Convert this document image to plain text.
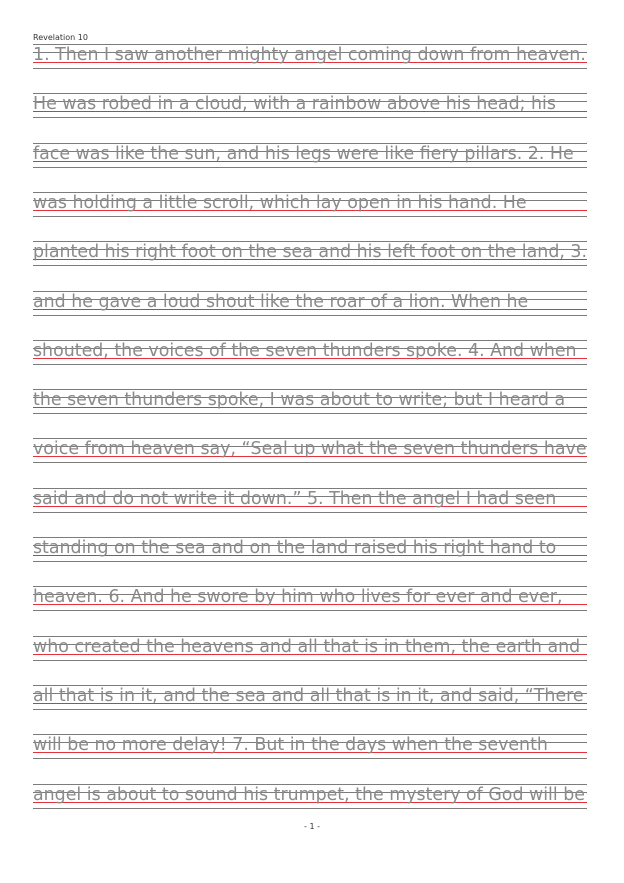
Revelation 10
1. Then I saw another mighty angel coming down from heaven.
He was robed in a cloud, with a rainbow above his head; his
face was like the sun, and his legs were like fiery pillars. 2. He
was holding a little scroll, which lay open in his hand. He
planted his right foot on the sea and his left foot on the land, 3.
and he gave a loud shout like the roar of a lion. When he
shouted, the voices of the seven thunders spoke. 4. And when
the seven thunders spoke, I was about to write; but I heard a
voice from heaven say, “Seal up what the seven thunders have
said and do not write it down.” 5. Then the angel I had seen
standing on the sea and on the land raised his right hand to
heaven. 6. And he swore by him who lives for ever and ever,
who created the heavens and all that is in them, the earth and
all that is in it, and the sea and all that is in it, and said, “There
will be no more delay! 7. But in the days when the seventh
angel is about to sound his trumpet, the mystery of God will be
- 1 -
